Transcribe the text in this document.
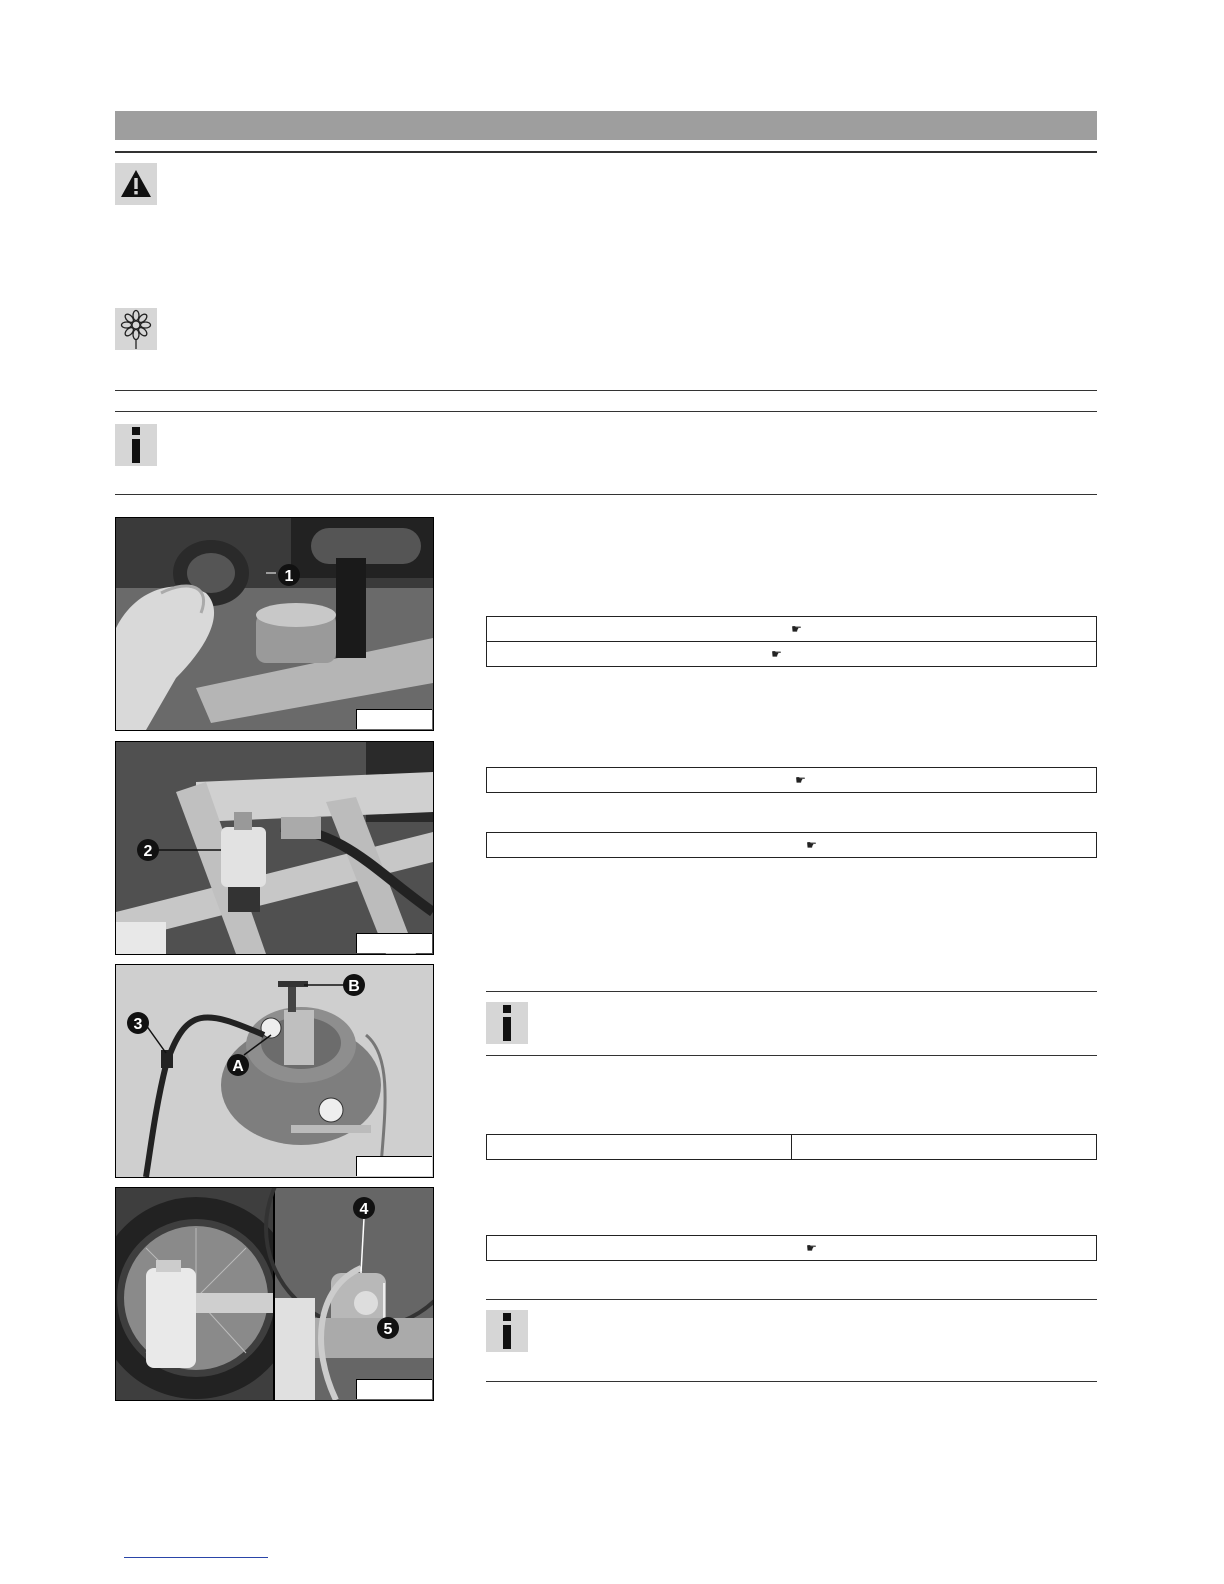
1
2
B
3
A
4
5
☛
☛
☛
☛

☛
